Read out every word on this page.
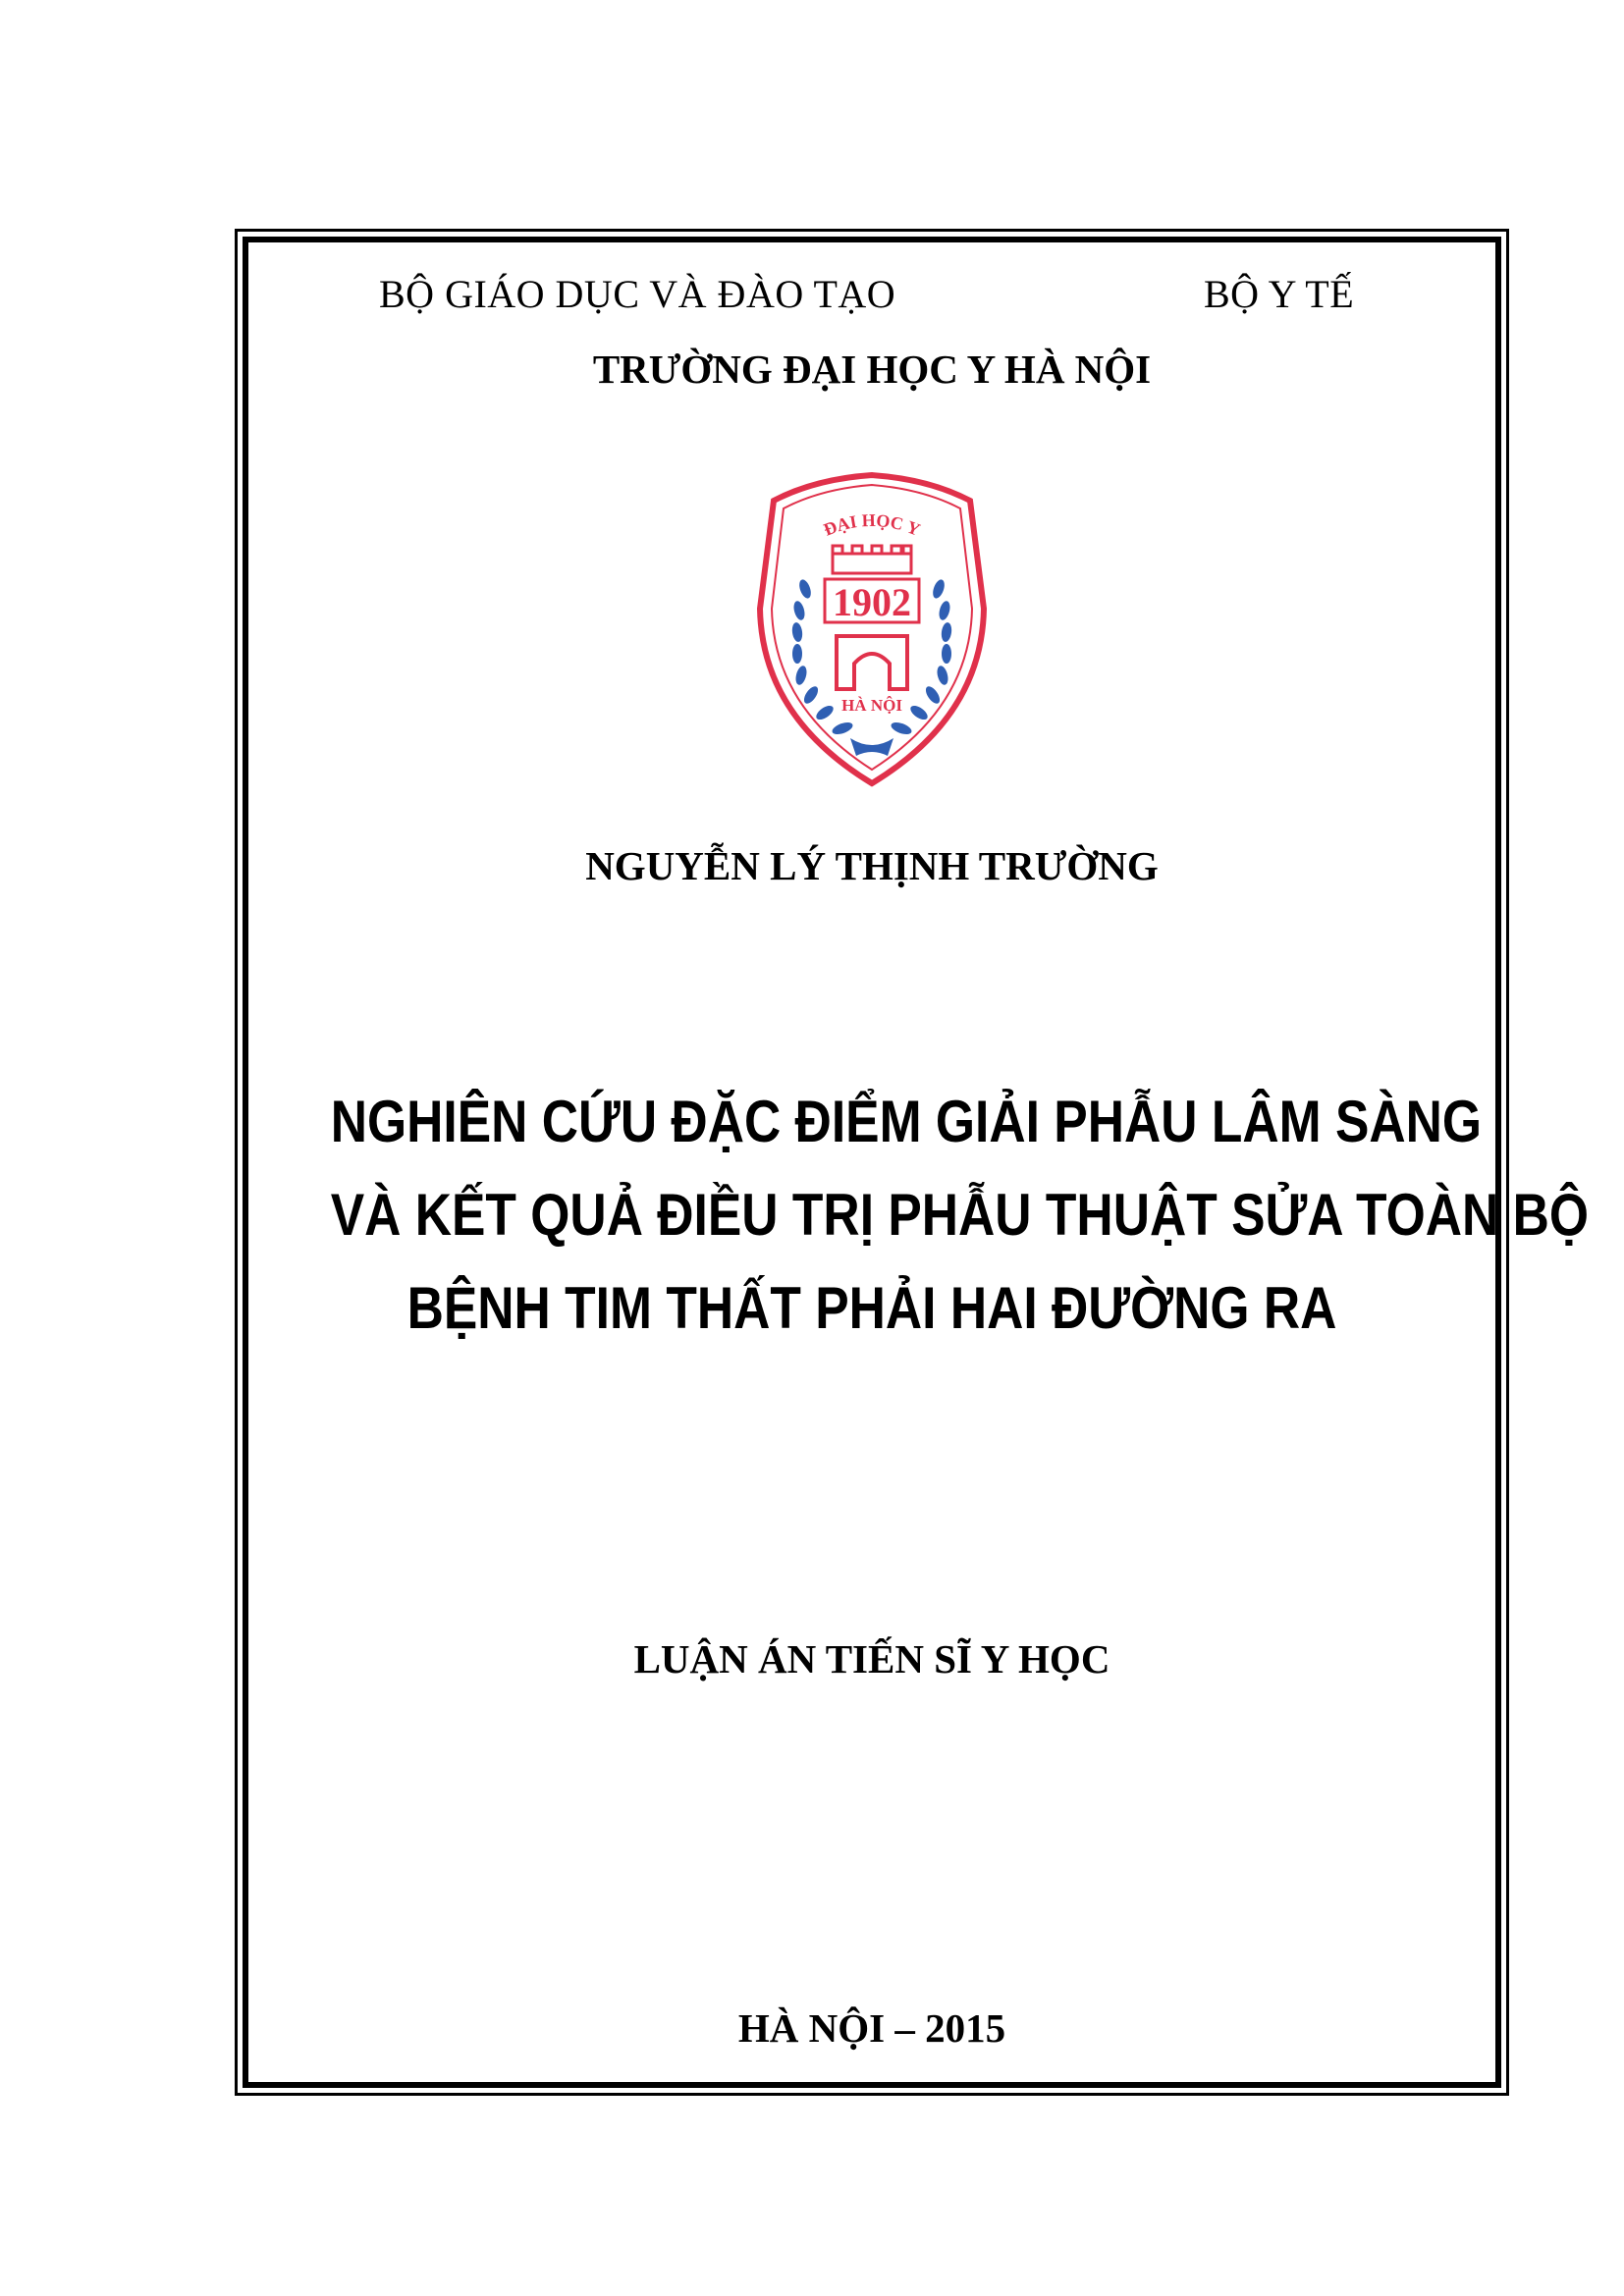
BỘ GIÁO DỤC VÀ ĐÀO TẠO	BỘ Y TẾ
TRƯỜNG ĐẠI HỌC Y HÀ NỘI
ĐẠI HỌC Y
1902
HÀ NỘI
NGUYỄN LÝ THỊNH TRƯỜNG
NGHIÊN CỨU ĐẶC ĐIỂM GIẢI PHẪU LÂM SÀNG
VÀ KẾT QUẢ ĐIỀU TRỊ PHẪU THUẬT SỬA TOÀN BỘ
BỆNH TIM THẤT PHẢI HAI ĐƯỜNG RA
LUẬN ÁN TIẾN SĨ Y HỌC
HÀ NỘI – 2015
